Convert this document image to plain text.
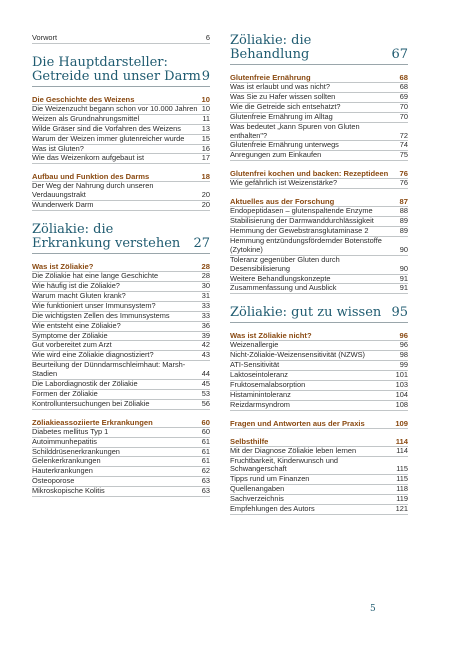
Vorwort	6
Die Hauptdarsteller: Getreide und unser Darm 9
Die Geschichte des Weizens	10
Die Weizenzucht begann schon vor 10.000 Jahren 10
Weizen als Grundnahrungsmittel	11
Wilde Gräser sind die Vorfahren des Weizens	13
Warum der Weizen immer glutenreicher wurde	15
Was ist Gluten?	16
Wie das Weizenkorn aufgebaut ist	17
Aufbau und Funktion des Darms	18
Der Weg der Nahrung durch unseren Verdauungstrakt	20
Wunderwerk Darm	20
Zöliakie: die Erkrankung verstehen	27
Was ist Zöliakie?	28
Die Zöliakie hat eine lange Geschichte	28
Wie häufig ist die Zöliakie?	30
Warum macht Gluten krank?	31
Wie funktioniert unser Immunsystem?	33
Die wichtigsten Zellen des Immunsystems	33
Wie entsteht eine Zöliakie?	36
Symptome der Zöliakie	39
Gut vorbereitet zum Arzt	42
Wie wird eine Zöliakie diagnostiziert?	43
Beurteilung der Dünndarmschleimhaut: Marsh-Stadien	44
Die Labordiagnostik der Zöliakie	45
Formen der Zöliakie	53
Kontrolluntersuchungen bei Zöliakie	56
Zöliakieassoziierte Erkrankungen	60
Diabetes mellitus Typ 1	60
Autoimmunhepatitis	61
Schilddrüsenerkrankungen	61
Gelenkerkrankungen	61
Hauterkrankungen	62
Osteoporose	63
Mikroskopische Kolitis	63
Zöliakie: die Behandlung	67
Glutenfreie Ernährung	68
Was ist erlaubt und was nicht?	68
Was Sie zu Hafer wissen sollten	69
Wie die Getreide sich entsehatzt?	70
Glutenfreie Ernährung im Alltag	70
Was bedeutet „kann Spuren von Gluten enthalten"?	72
Glutenfreie Ernährung unterwegs	74
Anregungen zum Einkaufen	75
Glutenfrei kochen und backen: Rezeptideen	76
Wie gefährlich ist Weizenstärke?	76
Aktuelles aus der Forschung	87
Endopeptidasen – glutenspaltende Enzyme	88
Stabilisierung der Darmwanddurchlässigkeit	89
Hemmung der Gewebstransglutaminase 2	89
Hemmung entzündungsfördernder Botenstoffe (Zytokine)	90
Toleranz gegenüber Gluten durch Desensibilisierung	90
Weitere Behandlungskonzepte	91
Zusammenfassung und Ausblick	91
Zöliakie: gut zu wissen 95
Was ist Zöliakie nicht?	96
Weizenallergie	96
Nicht-Zöliakie-Weizensensitivität (NZWS)	98
ATI-Sensitivität	99
Laktoseintoleranz	101
Fruktosemalabsorption	103
Histaminintoleranz	104
Reizdarmsyndrom	108
Fragen und Antworten aus der Praxis	109
Selbsthilfe	114
Mit der Diagnose Zöliakie leben lernen	114
Fruchtbarkeit, Kinderwunsch und Schwangerschaft	115
Tipps rund um Finanzen	115
Quellenangaben	118
Sachverzeichnis	119
Empfehlungen des Autors	121
5
